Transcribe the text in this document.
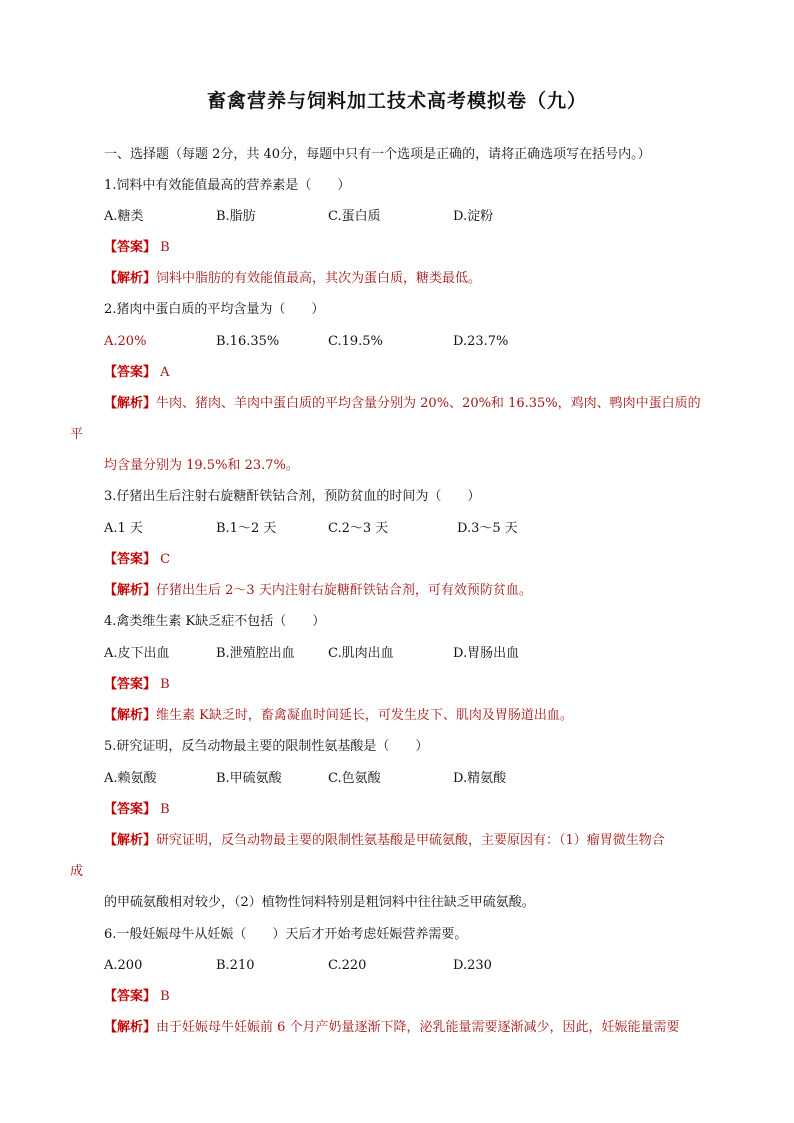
畜禽营养与饲料加工技术高考模拟卷（九）
一、选择题（每题 2分，共 40分，每题中只有一个选项是正确的，请将正确选项写在括号内。）
1.饲料中有效能值最高的营养素是（　　）
A.糖类	B.脂肪	C.蛋白质	D.淀粉
【答案】 B
【解析】饲料中脂肪的有效能值最高，其次为蛋白质，糖类最低。
2.猪肉中蛋白质的平均含量为（　　）
A.20%	B.16.35%	C.19.5%	D.23.7%
【答案】 A
【解析】牛肉、猪肉、羊肉中蛋白质的平均含量分别为 20%、20%和 16.35%，鸡肉、鸭肉中蛋白质的
平
均含量分别为 19.5%和 23.7%。
3.仔猪出生后注射右旋糖酐铁钴合剂，预防贫血的时间为（　　）
A.1 天	B.1～2 天	C.2～3 天	D.3～5 天
【答案】 C
【解析】仔猪出生后 2～3 天内注射右旋糖酐铁钴合剂，可有效预防贫血。
4.禽类维生素 K缺乏症不包括（　　）
A.皮下出血	B.泄殖腔出血	C.肌肉出血	D.胃肠出血
【答案】 B
【解析】维生素 K缺乏时，畜禽凝血时间延长，可发生皮下、肌肉及胃肠道出血。
5.研究证明，反刍动物最主要的限制性氨基酸是（　　）
A.赖氨酸	B.甲硫氨酸	C.色氨酸	D.精氨酸
【答案】 B
【解析】研究证明，反刍动物最主要的限制性氨基酸是甲硫氨酸，主要原因有：（1）瘤胃微生物合
成
的甲硫氨酸相对较少，（2）植物性饲料特别是粗饲料中往往缺乏甲硫氨酸。
6.一般妊娠母牛从妊娠（　　）天后才开始考虑妊娠营养需要。
A.200	B.210	C.220	D.230
【答案】 B
【解析】由于妊娠母牛妊娠前 6 个月产奶量逐渐下降，泌乳能量需要逐渐减少，因此，妊娠能量需要
